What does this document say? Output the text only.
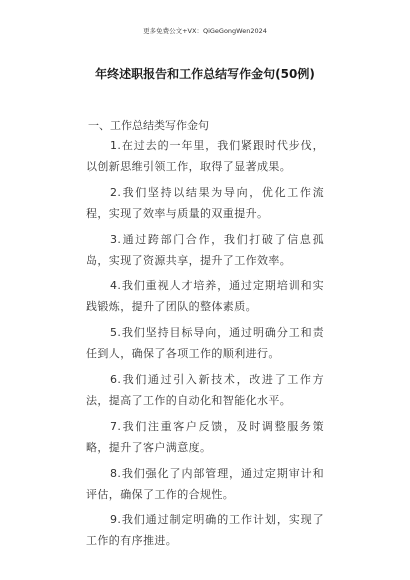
更多免费公文+VX：QiGeGongWen2024
年终述职报告和工作总结写作金句(50例)
一、工作总结类写作金句
1.在过去的一年里，我们紧跟时代步伐，以创新思维引领工作，取得了显著成果。
2.我们坚持以结果为导向，优化工作流程，实现了效率与质量的双重提升。
3.通过跨部门合作，我们打破了信息孤岛，实现了资源共享，提升了工作效率。
4.我们重视人才培养，通过定期培训和实践锻炼，提升了团队的整体素质。
5.我们坚持目标导向，通过明确分工和责任到人，确保了各项工作的顺利进行。
6.我们通过引入新技术，改进了工作方法，提高了工作的自动化和智能化水平。
7.我们注重客户反馈，及时调整服务策略，提升了客户满意度。
8.我们强化了内部管理，通过定期审计和评估，确保了工作的合规性。
9.我们通过制定明确的工作计划，实现了工作的有序推进。
